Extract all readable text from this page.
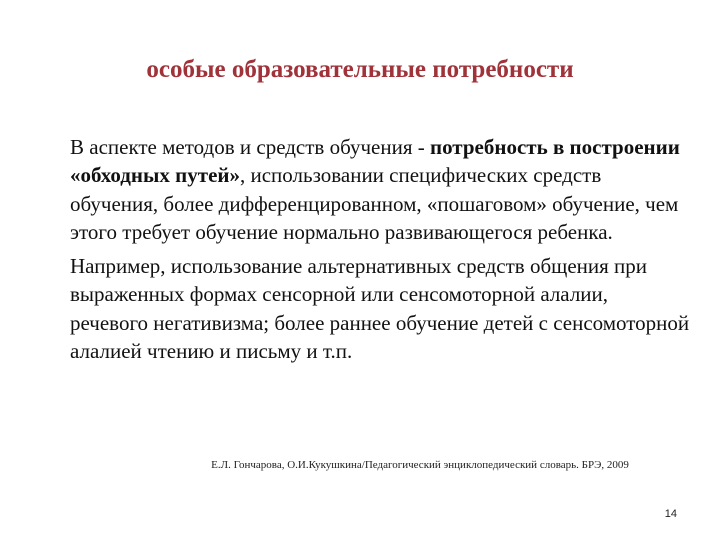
особые образовательные потребности

В аспекте методов и средств обучения - потребность в построении «обходных путей», использовании специфических средств обучения, более дифференцированном, «пошаговом» обучение, чем этого требует обучение нормально развивающегося ребенка.

Например, использование альтернативных средств общения при выраженных формах сенсорной или сенсомоторной алалии, речевого негативизма; более раннее обучение детей с сенсомоторной алалией чтению и письму и т.п.

Е.Л. Гончарова, О.И.Кукушкина/Педагогический энциклопедический словарь. БРЭ, 2009
14
